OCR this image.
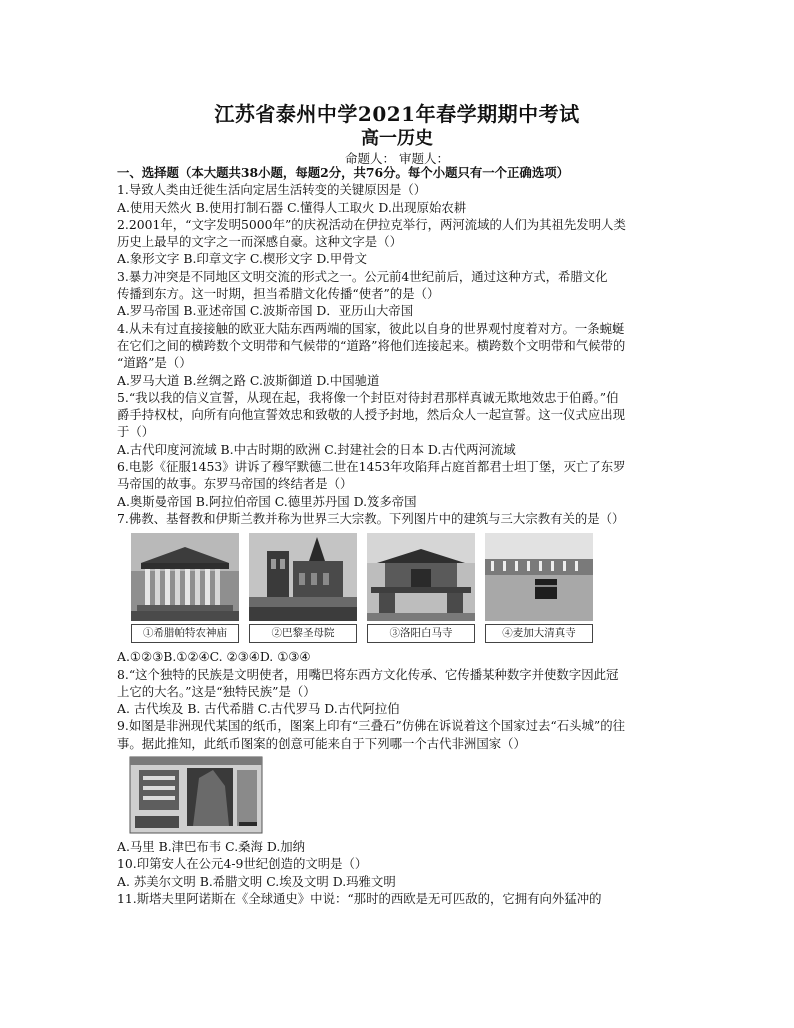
江苏省泰州中学2021年春学期期中考试
高一历史
命题人： 审题人：
一、选择题（本大题共38小题，每题2分，共76分。每个小题只有一个正确选项）
1.导致人类由迁徙生活向定居生活转变的关键原因是（）
A.使用天然火 B.使用打制石器 C.懂得人工取火 D.出现原始农耕
2.2001年，“文字发明5000年”的庆祝活动在伊拉克举行，两河流域的人们为其祖先发明人类
历史上最早的文字之一而深感自豪。这种文字是（）
A.象形文字 B.印章文字 C.楔形文字 D.甲骨文
3.暴力冲突是不同地区文明交流的形式之一。公元前4世纪前后，通过这种方式，希腊文化
传播到东方。这一时期，担当希腊文化传播“使者”的是（）
A.罗马帝国 B.亚述帝国 C.波斯帝国 D．亚历山大帝国
4.从未有过直接接触的欧亚大陆东西两端的国家，彼此以自身的世界观忖度着对方。一条蜿蜒
在它们之间的横跨数个文明带和气候带的“道路”将他们连接起来。横跨数个文明带和气候带的
“道路”是（）
A.罗马大道 B.丝绸之路 C.波斯御道 D.中国驰道
5.“我以我的信义宣誓，从现在起，我将像一个封臣对待封君那样真诚无欺地效忠于伯爵。”伯
爵手持权杖，向所有向他宣誓效忠和致敬的人授予封地，然后众人一起宣誓。这一仪式应出现
于（）
A.古代印度河流域 B.中古时期的欧洲 C.封建社会的日本 D.古代两河流域
6.电影《征服1453》讲诉了穆罕默德二世在1453年攻陷拜占庭首都君士坦丁堡，灭亡了东罗
马帝国的故事。东罗马帝国的终结者是（）
A.奥斯曼帝国 B.阿拉伯帝国 C.德里苏丹国 D.笈多帝国
7.佛教、基督教和伊斯兰教并称为世界三大宗教。下列图片中的建筑与三大宗教有关的是（）
①希腊帕特农神庙	②巴黎圣母院	③洛阳白马寺	④麦加大清真寺
A.①②③B.①②④C. ②③④D. ①③④
8.“这个独特的民族是文明使者，用嘴巴将东西方文化传承、它传播某种数字并使数字因此冠
上它的大名。”这是“独特民族”是（）
A. 古代埃及 B. 古代希腊 C.古代罗马 D.古代阿拉伯
9.如图是非洲现代某国的纸币，图案上印有“三叠石”仿佛在诉说着这个国家过去“石头城”的往
事。据此推知，此纸币图案的创意可能来自于下列哪一个古代非洲国家（）
A.马里 B.津巴布韦 C.桑海 D.加纳
10.印第安人在公元4-9世纪创造的文明是（）
A. 苏美尔文明 B.希腊文明 C.埃及文明 D.玛雅文明
11.斯塔夫里阿诺斯在《全球通史》中说：“那时的西欧是无可匹敌的，它拥有向外猛冲的
